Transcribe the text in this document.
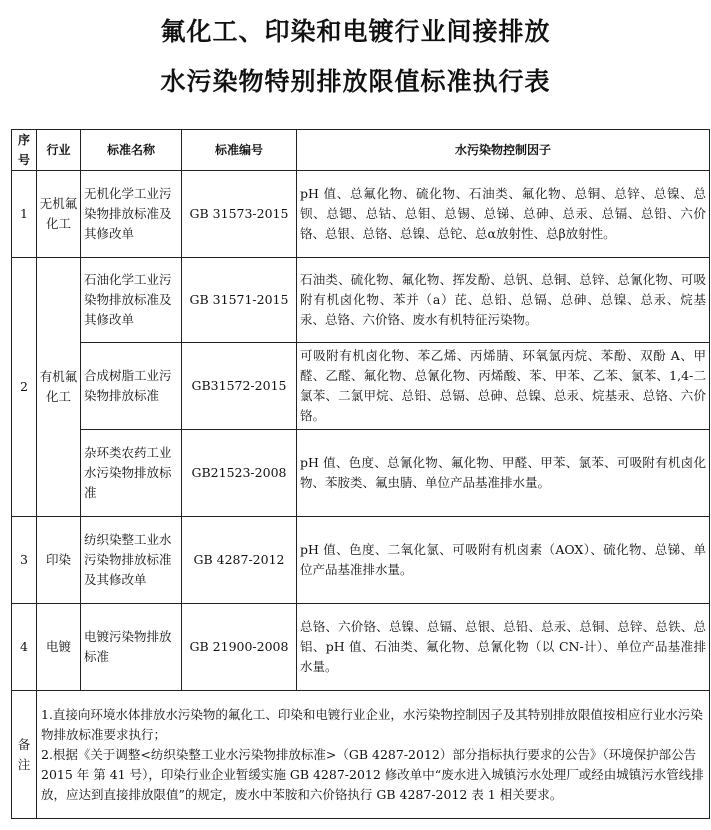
氟化工、印染和电镀行业间接排放
水污染物特别排放限值标准执行表
序号	行业	标准名称	标准编号	水污染物控制因子
1	无机氟化工	无机化学工业污染物排放标准及其修改单	GB 31573-2015	pH 值、总氟化物、硫化物、石油类、氟化物、总铜、总锌、总镍、总钡、总锶、总钴、总钼、总锡、总锑、总砷、总汞、总镉、总铅、六价铬、总银、总铬、总镍、总铊、总α放射性、总β放射性。
2	有机氟化工	石油化学工业污染物排放标准及其修改单	GB 31571-2015	石油类、硫化物、氟化物、挥发酚、总钒、总铜、总锌、总氰化物、可吸附有机卤化物、苯并（a）芘、总铅、总镉、总砷、总镍、总汞、烷基汞、总铬、六价铬、废水有机特征污染物。
		合成树脂工业污染物排放标准	GB31572-2015	可吸附有机卤化物、苯乙烯、丙烯腈、环氧氯丙烷、苯酚、双酚 A、甲醛、乙醛、氟化物、总氰化物、丙烯酸、苯、甲苯、乙苯、氯苯、1,4-二氯苯、二氯甲烷、总铅、总镉、总砷、总镍、总汞、烷基汞、总铬、六价铬。
		杂环类农药工业水污染物排放标准	GB21523-2008	pH 值、色度、总氰化物、氟化物、甲醛、甲苯、氯苯、可吸附有机卤化物、苯胺类、氟虫腈、单位产品基准排水量。
3	印染	纺织染整工业水污染物排放标准及其修改单	GB 4287-2012	pH 值、色度、二氧化氯、可吸附有机卤素（AOX）、硫化物、总锑、单位产品基准排水量。
4	电镀	电镀污染物排放标准	GB 21900-2008	总铬、六价铬、总镍、总镉、总银、总铅、总汞、总铜、总锌、总铁、总铝、pH 值、石油类、氟化物、总氰化物（以 CN-计）、单位产品基准排水量。
备注	1.直接向环境水体排放水污染物的氟化工、印染和电镀行业企业，水污染物控制因子及其特别排放限值按相应行业水污染物排放标准要求执行；
2.根据《关于调整<纺织染整工业水污染物排放标准>（GB 4287-2012）部分指标执行要求的公告》（环境保护部公告 2015 年 第 41 号），印染行业企业暂缓实施 GB 4287-2012 修改单中“废水进入城镇污水处理厂或经由城镇污水管线排放，应达到直接排放限值”的规定，废水中苯胺和六价铬执行 GB 4287-2012 表 1 相关要求。			
